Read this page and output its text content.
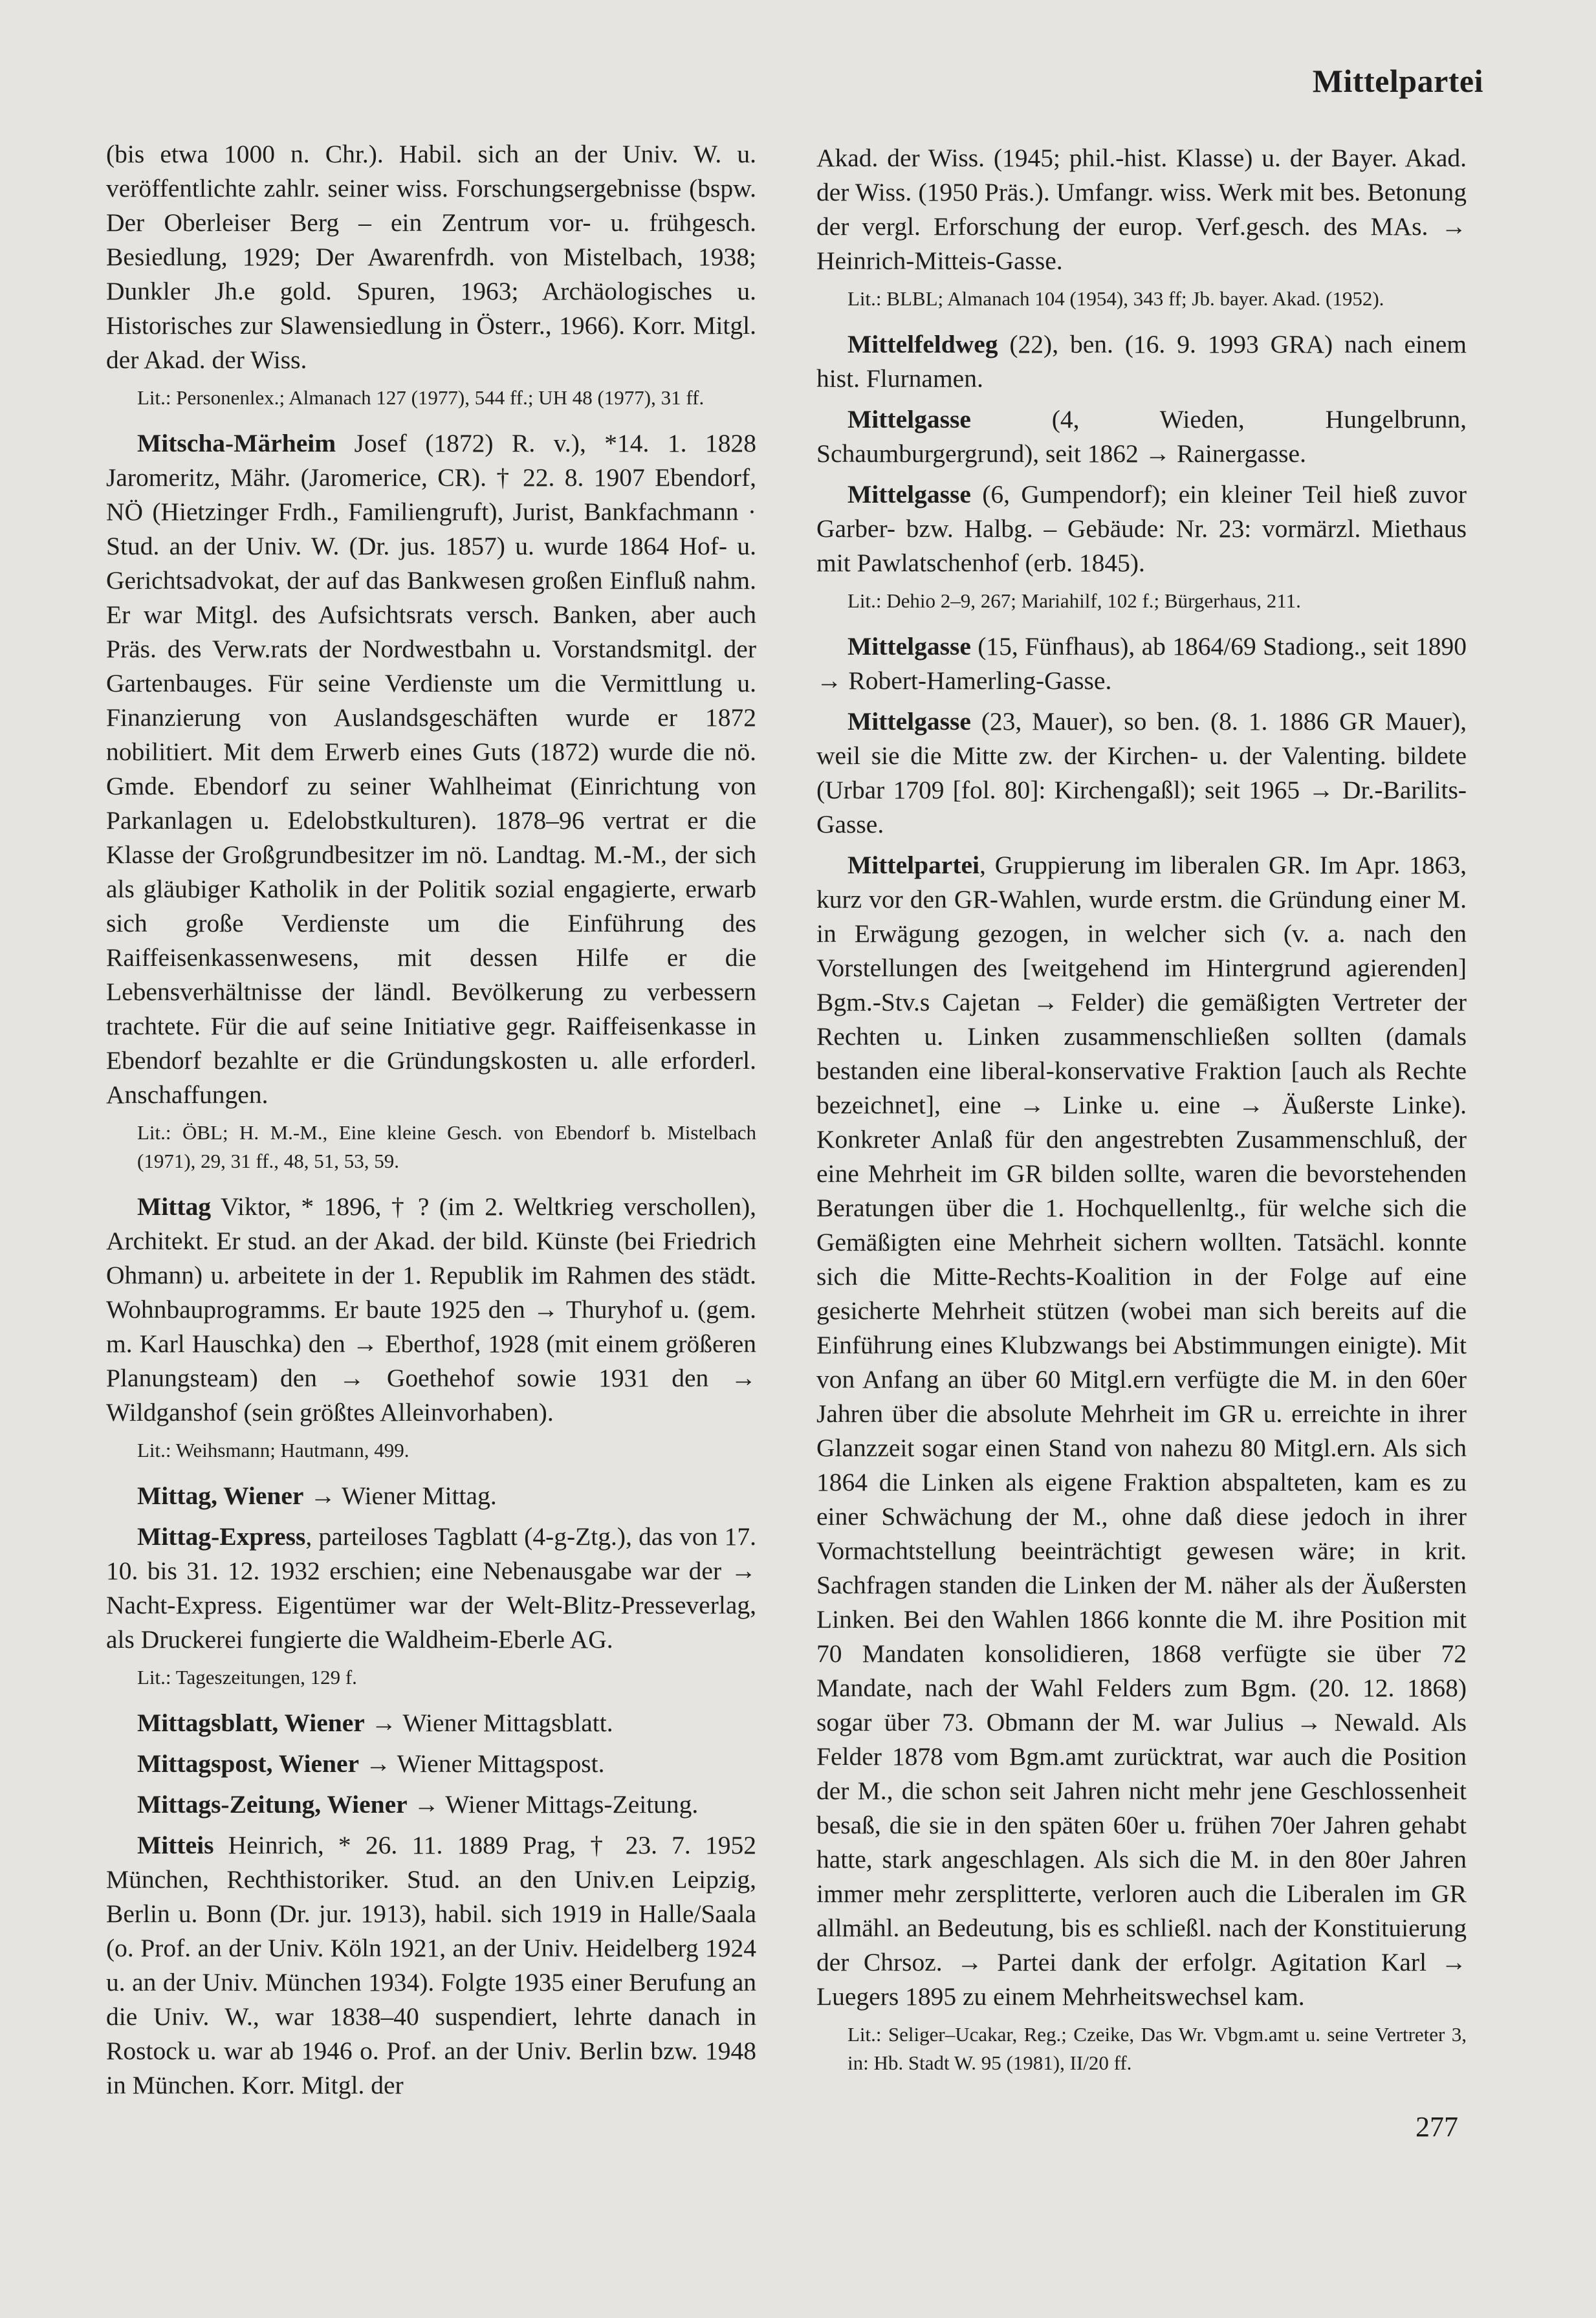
Mittelpartei

(bis etwa 1000 n. Chr.). Habil. sich an der Univ. W. u. veröffentlichte zahlr. seiner wiss. Forschungsergebnisse (bspw. Der Oberleiser Berg – ein Zentrum vor- u. frühgesch. Besiedlung, 1929; Der Awarenfrdh. von Mistelbach, 1938; Dunkler Jh.e gold. Spuren, 1963; Archäologisches u. Historisches zur Slawensiedlung in Österr., 1966). Korr. Mitgl. der Akad. der Wiss.

Lit.: Personenlex.; Almanach 127 (1977), 544 ff.; UH 48 (1977), 31 ff.

Mitscha-Märheim Josef (1872) R. v.), *14. 1. 1828 Jaromeritz, Mähr. (Jaromerice, CR). † 22. 8. 1907 Ebendorf, NÖ (Hietzinger Frdh., Familiengruft), Jurist, Bankfachmann · Stud. an der Univ. W. (Dr. jus. 1857) u. wurde 1864 Hof- u. Gerichtsadvokat, der auf das Bankwesen großen Einfluß nahm. Er war Mitgl. des Aufsichtsrats versch. Banken, aber auch Präs. des Verw.rats der Nordwestbahn u. Vorstandsmitgl. der Gartenbauges. Für seine Verdienste um die Vermittlung u. Finanzierung von Auslandsgeschäften wurde er 1872 nobilitiert. Mit dem Erwerb eines Guts (1872) wurde die nö. Gmde. Ebendorf zu seiner Wahlheimat (Einrichtung von Parkanlagen u. Edelobstkulturen). 1878–96 vertrat er die Klasse der Großgrundbesitzer im nö. Landtag. M.-M., der sich als gläubiger Katholik in der Politik sozial engagierte, erwarb sich große Verdienste um die Einführung des Raiffeisenkassenwesens, mit dessen Hilfe er die Lebensverhältnisse der ländl. Bevölkerung zu verbessern trachtete. Für die auf seine Initiative gegr. Raiffeisenkasse in Ebendorf bezahlte er die Gründungskosten u. alle erforderl. Anschaffungen.

Lit.: ÖBL; H. M.-M., Eine kleine Gesch. von Ebendorf b. Mistelbach (1971), 29, 31 ff., 48, 51, 53, 59.

Mittag Viktor, * 1896, † ? (im 2. Weltkrieg verschollen), Architekt. Er stud. an der Akad. der bild. Künste (bei Friedrich Ohmann) u. arbeitete in der 1. Republik im Rahmen des städt. Wohnbauprogramms. Er baute 1925 den → Thuryhof u. (gem. m. Karl Hauschka) den → Eberthof, 1928 (mit einem größeren Planungsteam) den → Goethehof sowie 1931 den → Wildganshof (sein größtes Alleinvorhaben).

Lit.: Weihsmann; Hautmann, 499.

Mittag, Wiener → Wiener Mittag.

Mittag-Express, parteiloses Tagblatt (4-g-Ztg.), das von 17. 10. bis 31. 12. 1932 erschien; eine Nebenausgabe war der → Nacht-Express. Eigentümer war der Welt-Blitz-Presseverlag, als Druckerei fungierte die Waldheim-Eberle AG.

Lit.: Tageszeitungen, 129 f.

Mittagsblatt, Wiener → Wiener Mittagsblatt.

Mittagspost, Wiener → Wiener Mittagspost.

Mittags-Zeitung, Wiener → Wiener Mittags-Zeitung.

Mitteis Heinrich, * 26. 11. 1889 Prag, † 23. 7. 1952 München, Rechthistoriker. Stud. an den Univ.en Leipzig, Berlin u. Bonn (Dr. jur. 1913), habil. sich 1919 in Halle/Saala (o. Prof. an der Univ. Köln 1921, an der Univ. Heidelberg 1924 u. an der Univ. München 1934). Folgte 1935 einer Berufung an die Univ. W., war 1838–40 suspendiert, lehrte danach in Rostock u. war ab 1946 o. Prof. an der Univ. Berlin bzw. 1948 in München. Korr. Mitgl. der

Akad. der Wiss. (1945; phil.-hist. Klasse) u. der Bayer. Akad. der Wiss. (1950 Präs.). Umfangr. wiss. Werk mit bes. Betonung der vergl. Erforschung der europ. Verf.gesch. des MAs. → Heinrich-Mitteis-Gasse.

Lit.: BLBL; Almanach 104 (1954), 343 ff; Jb. bayer. Akad. (1952).

Mittelfeldweg (22), ben. (16. 9. 1993 GRA) nach einem hist. Flurnamen.

Mittelgasse (4, Wieden, Hungelbrunn, Schaumburgergrund), seit 1862 → Rainergasse.

Mittelgasse (6, Gumpendorf); ein kleiner Teil hieß zuvor Garber- bzw. Halbg. – Gebäude: Nr. 23: vormärzl. Miethaus mit Pawlatschenhof (erb. 1845).

Lit.: Dehio 2–9, 267; Mariahilf, 102 f.; Bürgerhaus, 211.

Mittelgasse (15, Fünfhaus), ab 1864/69 Stadiong., seit 1890 → Robert-Hamerling-Gasse.

Mittelgasse (23, Mauer), so ben. (8. 1. 1886 GR Mauer), weil sie die Mitte zw. der Kirchen- u. der Valenting. bildete (Urbar 1709 [fol. 80]: Kirchengaßl); seit 1965 → Dr.-Barilits-Gasse.

Mittelpartei, Gruppierung im liberalen GR. Im Apr. 1863, kurz vor den GR-Wahlen, wurde erstm. die Gründung einer M. in Erwägung gezogen, in welcher sich (v. a. nach den Vorstellungen des [weitgehend im Hintergrund agierenden] Bgm.-Stv.s Cajetan → Felder) die gemäßigten Vertreter der Rechten u. Linken zusammenschließen sollten (damals bestanden eine liberal-konservative Fraktion [auch als Rechte bezeichnet], eine → Linke u. eine → Äußerste Linke). Konkreter Anlaß für den angestrebten Zusammenschluß, der eine Mehrheit im GR bilden sollte, waren die bevorstehenden Beratungen über die 1. Hochquellenltg., für welche sich die Gemäßigten eine Mehrheit sichern wollten. Tatsächl. konnte sich die Mitte-Rechts-Koalition in der Folge auf eine gesicherte Mehrheit stützen (wobei man sich bereits auf die Einführung eines Klubzwangs bei Abstimmungen einigte). Mit von Anfang an über 60 Mitgl.ern verfügte die M. in den 60er Jahren über die absolute Mehrheit im GR u. erreichte in ihrer Glanzzeit sogar einen Stand von nahezu 80 Mitgl.ern. Als sich 1864 die Linken als eigene Fraktion abspalteten, kam es zu einer Schwächung der M., ohne daß diese jedoch in ihrer Vormachtstellung beeinträchtigt gewesen wäre; in krit. Sachfragen standen die Linken der M. näher als der Äußersten Linken. Bei den Wahlen 1866 konnte die M. ihre Position mit 70 Mandaten konsolidieren, 1868 verfügte sie über 72 Mandate, nach der Wahl Felders zum Bgm. (20. 12. 1868) sogar über 73. Obmann der M. war Julius → Newald. Als Felder 1878 vom Bgm.amt zurücktrat, war auch die Position der M., die schon seit Jahren nicht mehr jene Geschlossenheit besaß, die sie in den späten 60er u. frühen 70er Jahren gehabt hatte, stark angeschlagen. Als sich die M. in den 80er Jahren immer mehr zersplitterte, verloren auch die Liberalen im GR allmähl. an Bedeutung, bis es schließl. nach der Konstituierung der Chrsoz. → Partei dank der erfolgr. Agitation Karl → Luegers 1895 zu einem Mehrheitswechsel kam.

Lit.: Seliger–Ucakar, Reg.; Czeike, Das Wr. Vbgm.amt u. seine Vertreter 3, in: Hb. Stadt W. 95 (1981), II/20 ff.

277
